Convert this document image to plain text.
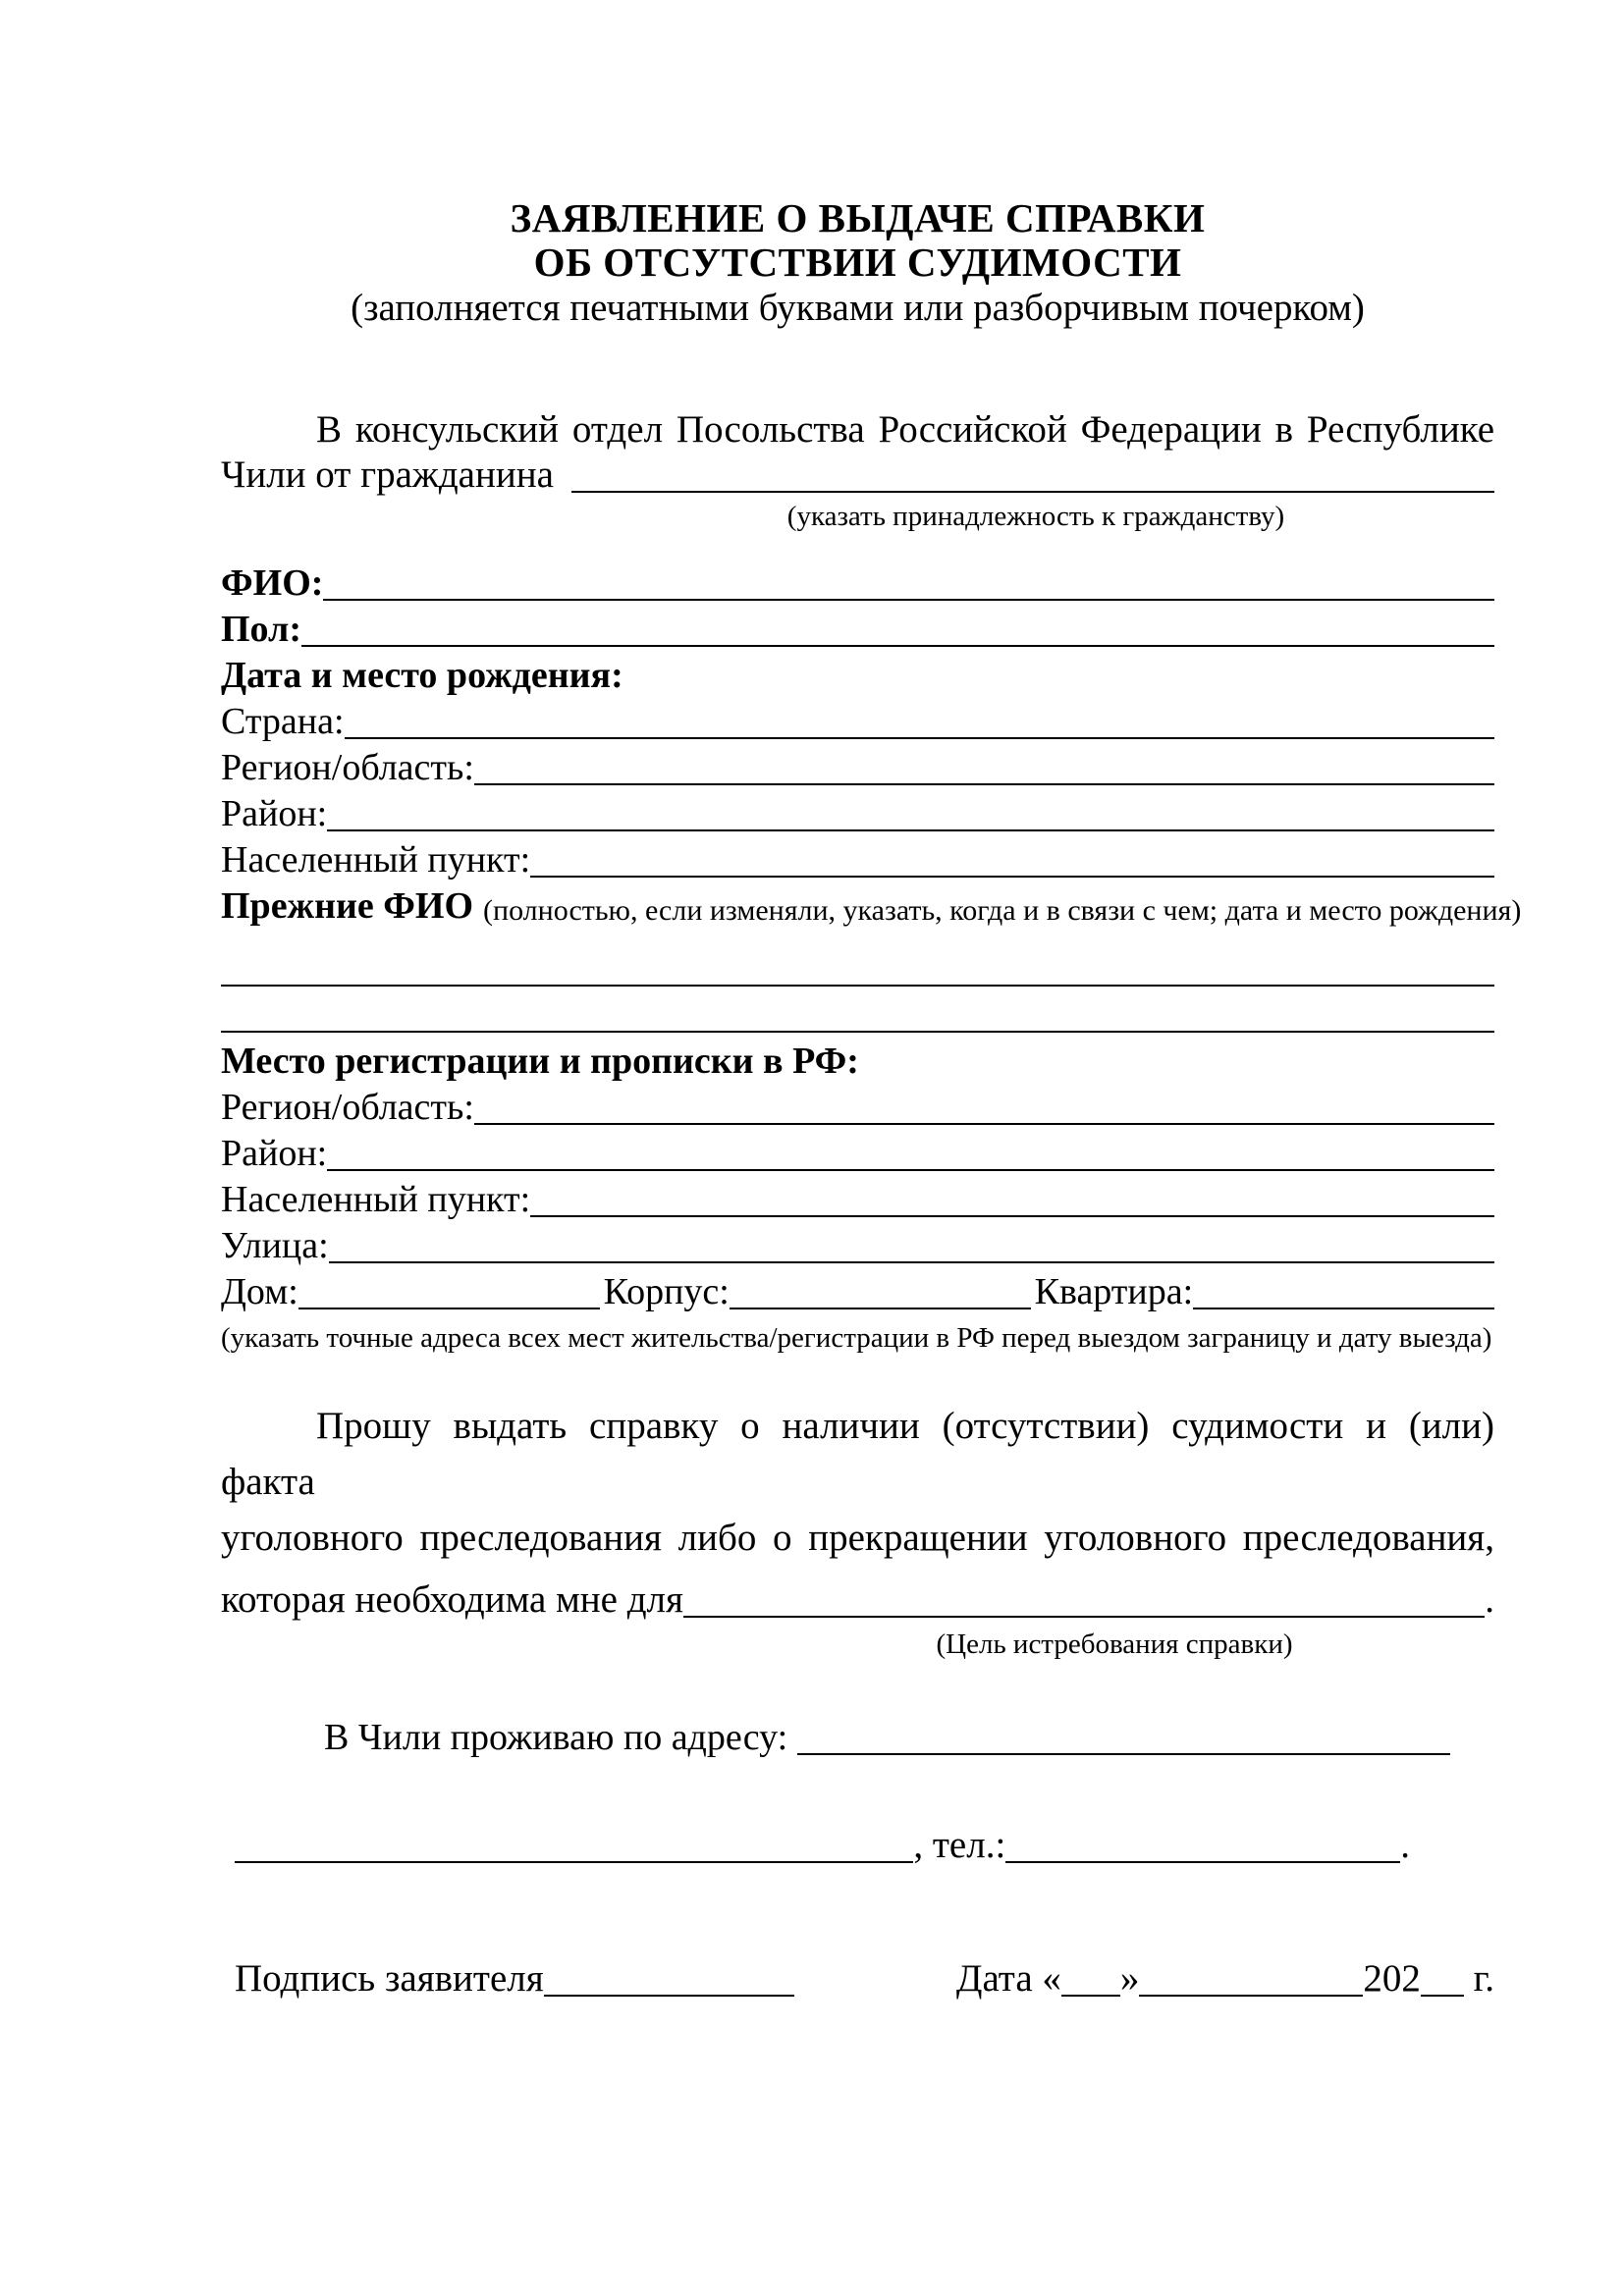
ЗАЯВЛЕНИЕ О ВЫДАЧЕ СПРАВКИ
ОБ ОТСУТСТВИИ СУДИМОСТИ
(заполняется печатными буквами или разборчивым почерком)
В консульский отдел Посольства Российской Федерации в Республике
Чили от гражданина
(указать принадлежность к гражданству)
ФИО:
Пол:
Дата и место рождения:
Страна:
Регион/область:
Район:
Населенный пункт:
Прежние ФИО (полностью, если изменяли, указать, когда и в связи с чем; дата и место рождения)
Место регистрации и прописки в РФ:
Регион/область:
Район:
Населенный пункт:
Улица:
Дом:	Корпус:	Квартира:
(указать точные адреса всех мест жительства/регистрации в РФ перед выездом заграницу и дату выезда)
Прошу выдать справку о наличии (отсутствии) судимости и (или) факта
уголовного преследования либо о прекращении уголовного преследования,
которая необходима мне для	.
(Цель истребования справки)
В Чили проживаю по адресу:
, тел.:	.
Подпись заявителя	Дата « »	202 г.
